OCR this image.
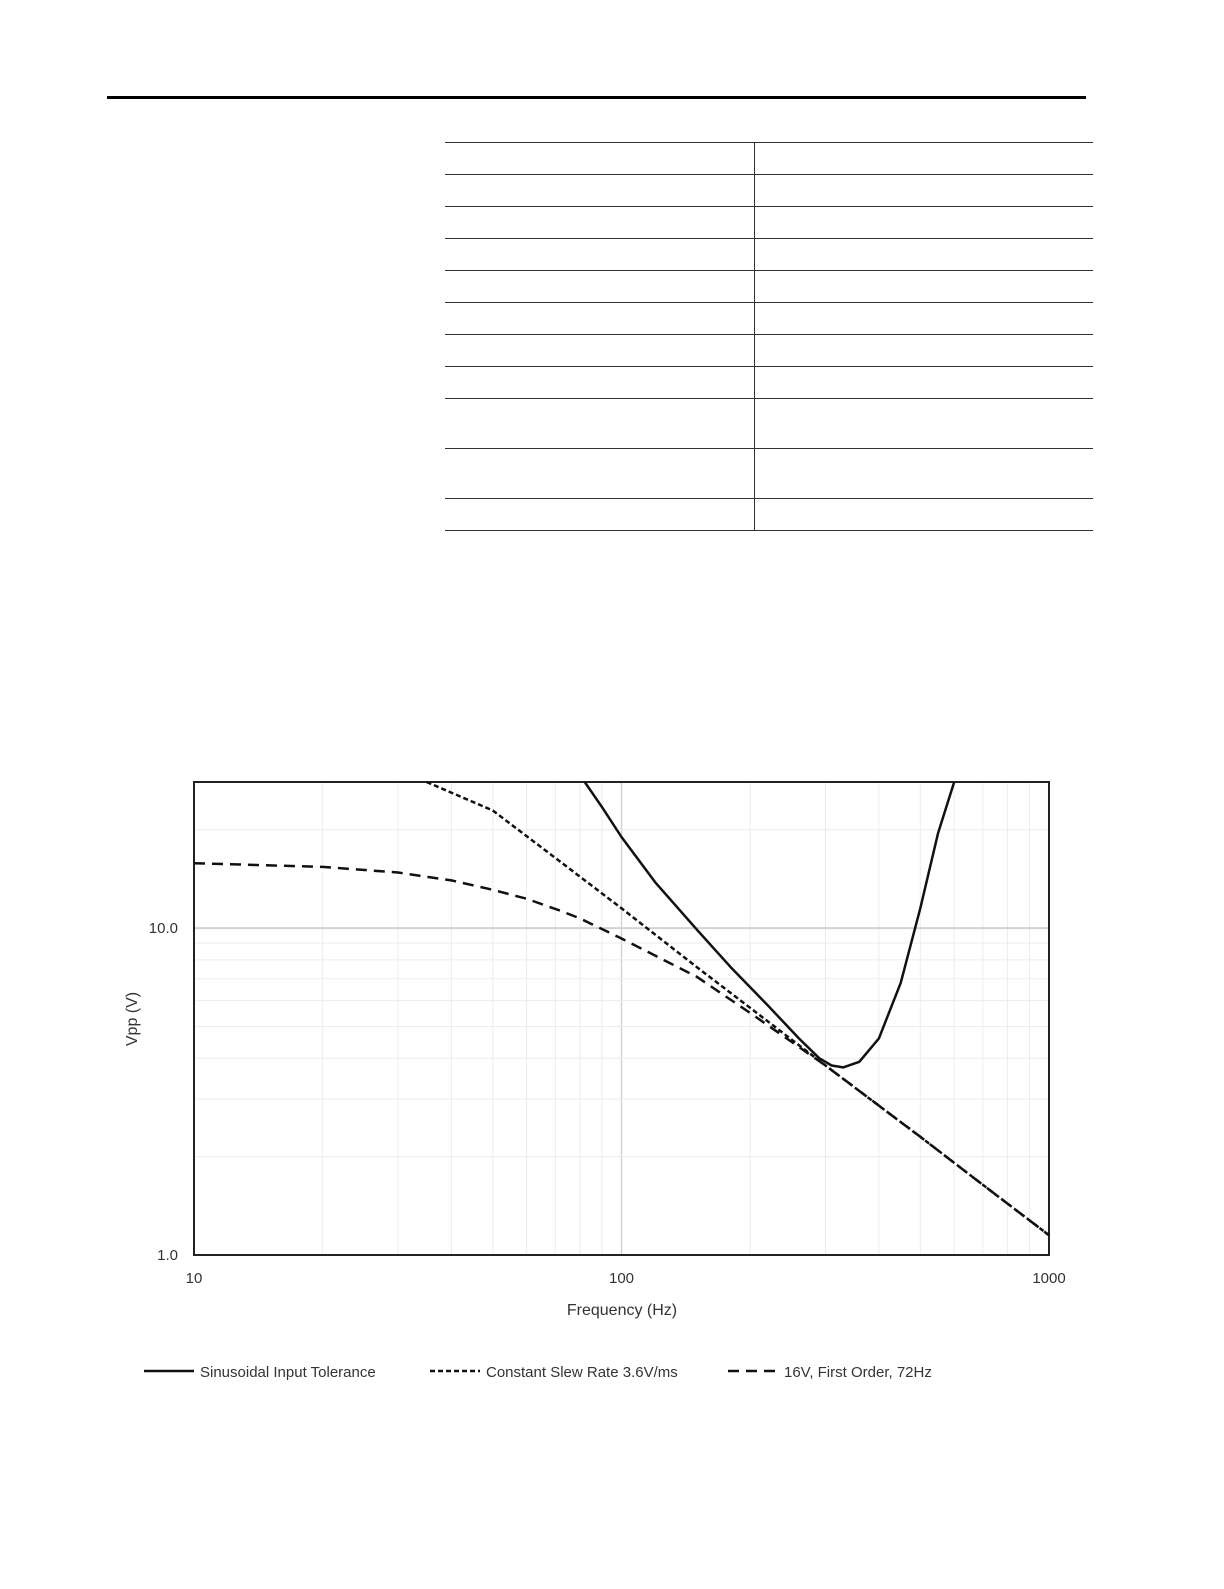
10	100	1000
1.0
10.0
Frequency (Hz)
Vpp (V)
Sinusoidal Input Tolerance	Constant Slew Rate 3.6V/ms	16V, First Order, 72Hz
